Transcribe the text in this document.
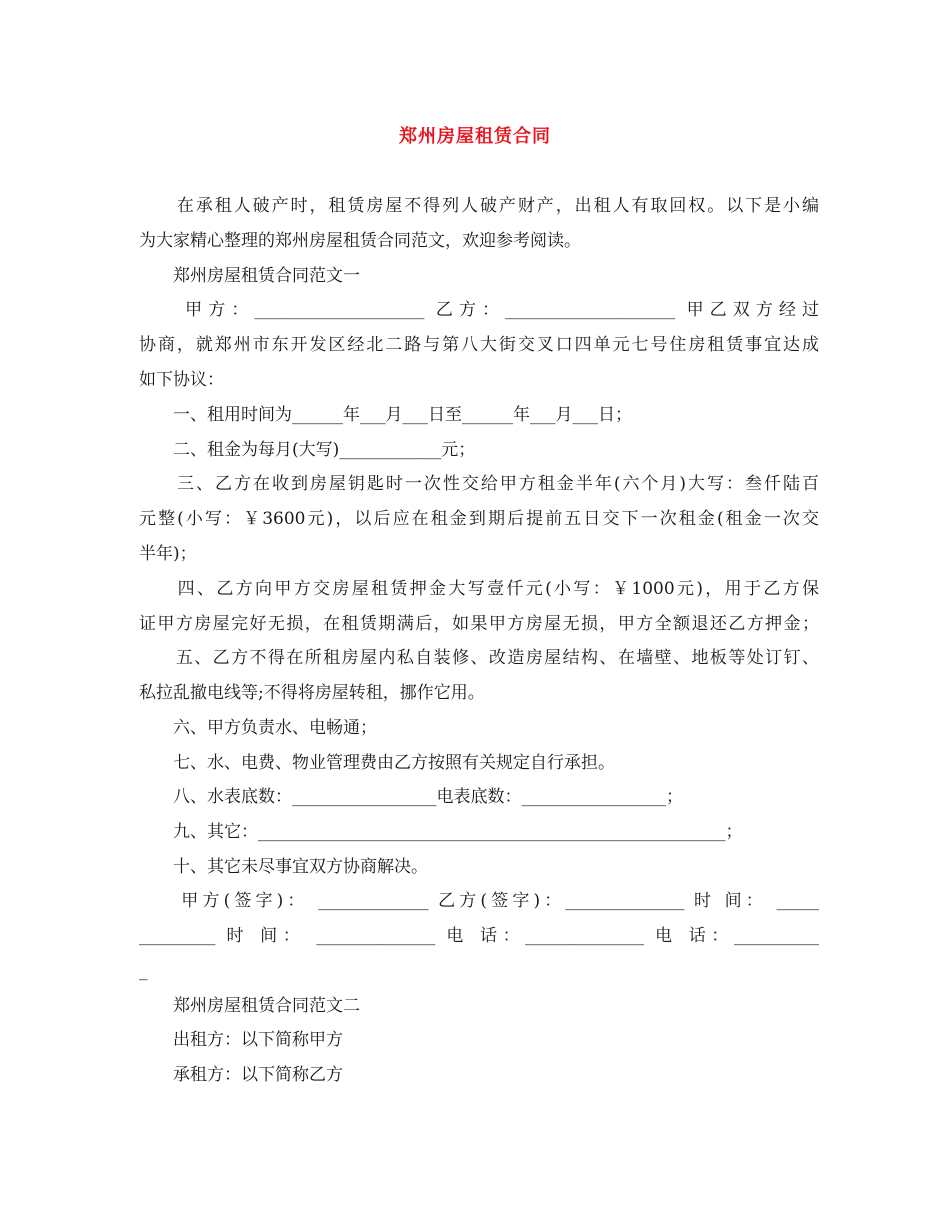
郑州房屋租赁合同

　　在承租人破产时，租赁房屋不得列人破产财产，出租人有取回权。以下是小编

为大家精心整理的郑州房屋租赁合同范文，欢迎参考阅读。

　　郑州房屋租赁合同范文一

　　甲方：____________________ 乙方：____________________ 甲乙双方经过

协商，就郑州市东开发区经北二路与第八大街交叉口四单元七号住房租赁事宜达成

如下协议：

　　一、租用时间为______年___月___日至______年___月___日；

　　二、租金为每月(大写)____________元；

　　三、乙方在收到房屋钥匙时一次性交给甲方租金半年(六个月)大写：叁仟陆百

元整(小写：￥3600元)，以后应在租金到期后提前五日交下一次租金(租金一次交

半年)；

　　四、乙方向甲方交房屋租赁押金大写壹仟元(小写：￥1000元)，用于乙方保

证甲方房屋完好无损，在租赁期满后，如果甲方房屋无损，甲方全额退还乙方押金；

　　五、乙方不得在所租房屋内私自装修、改造房屋结构、在墙壁、地板等处订钉、

私拉乱撤电线等;不得将房屋转租，挪作它用。

　　六、甲方负责水、电畅通；

　　七、水、电费、物业管理费由乙方按照有关规定自行承担。

　　八、水表底数：_________________电表底数：_________________；

　　九、其它：_______________________________________________________；

　　十、其它未尽事宜双方协商解决。

　　甲方(签字)： _____________ 乙方(签字)：______________ 时 间： _____

_________ 时 间： ______________ 电 话：______________ 电 话：__________

_

　　郑州房屋租赁合同范文二

　　出租方：以下简称甲方

　　承租方：以下简称乙方
